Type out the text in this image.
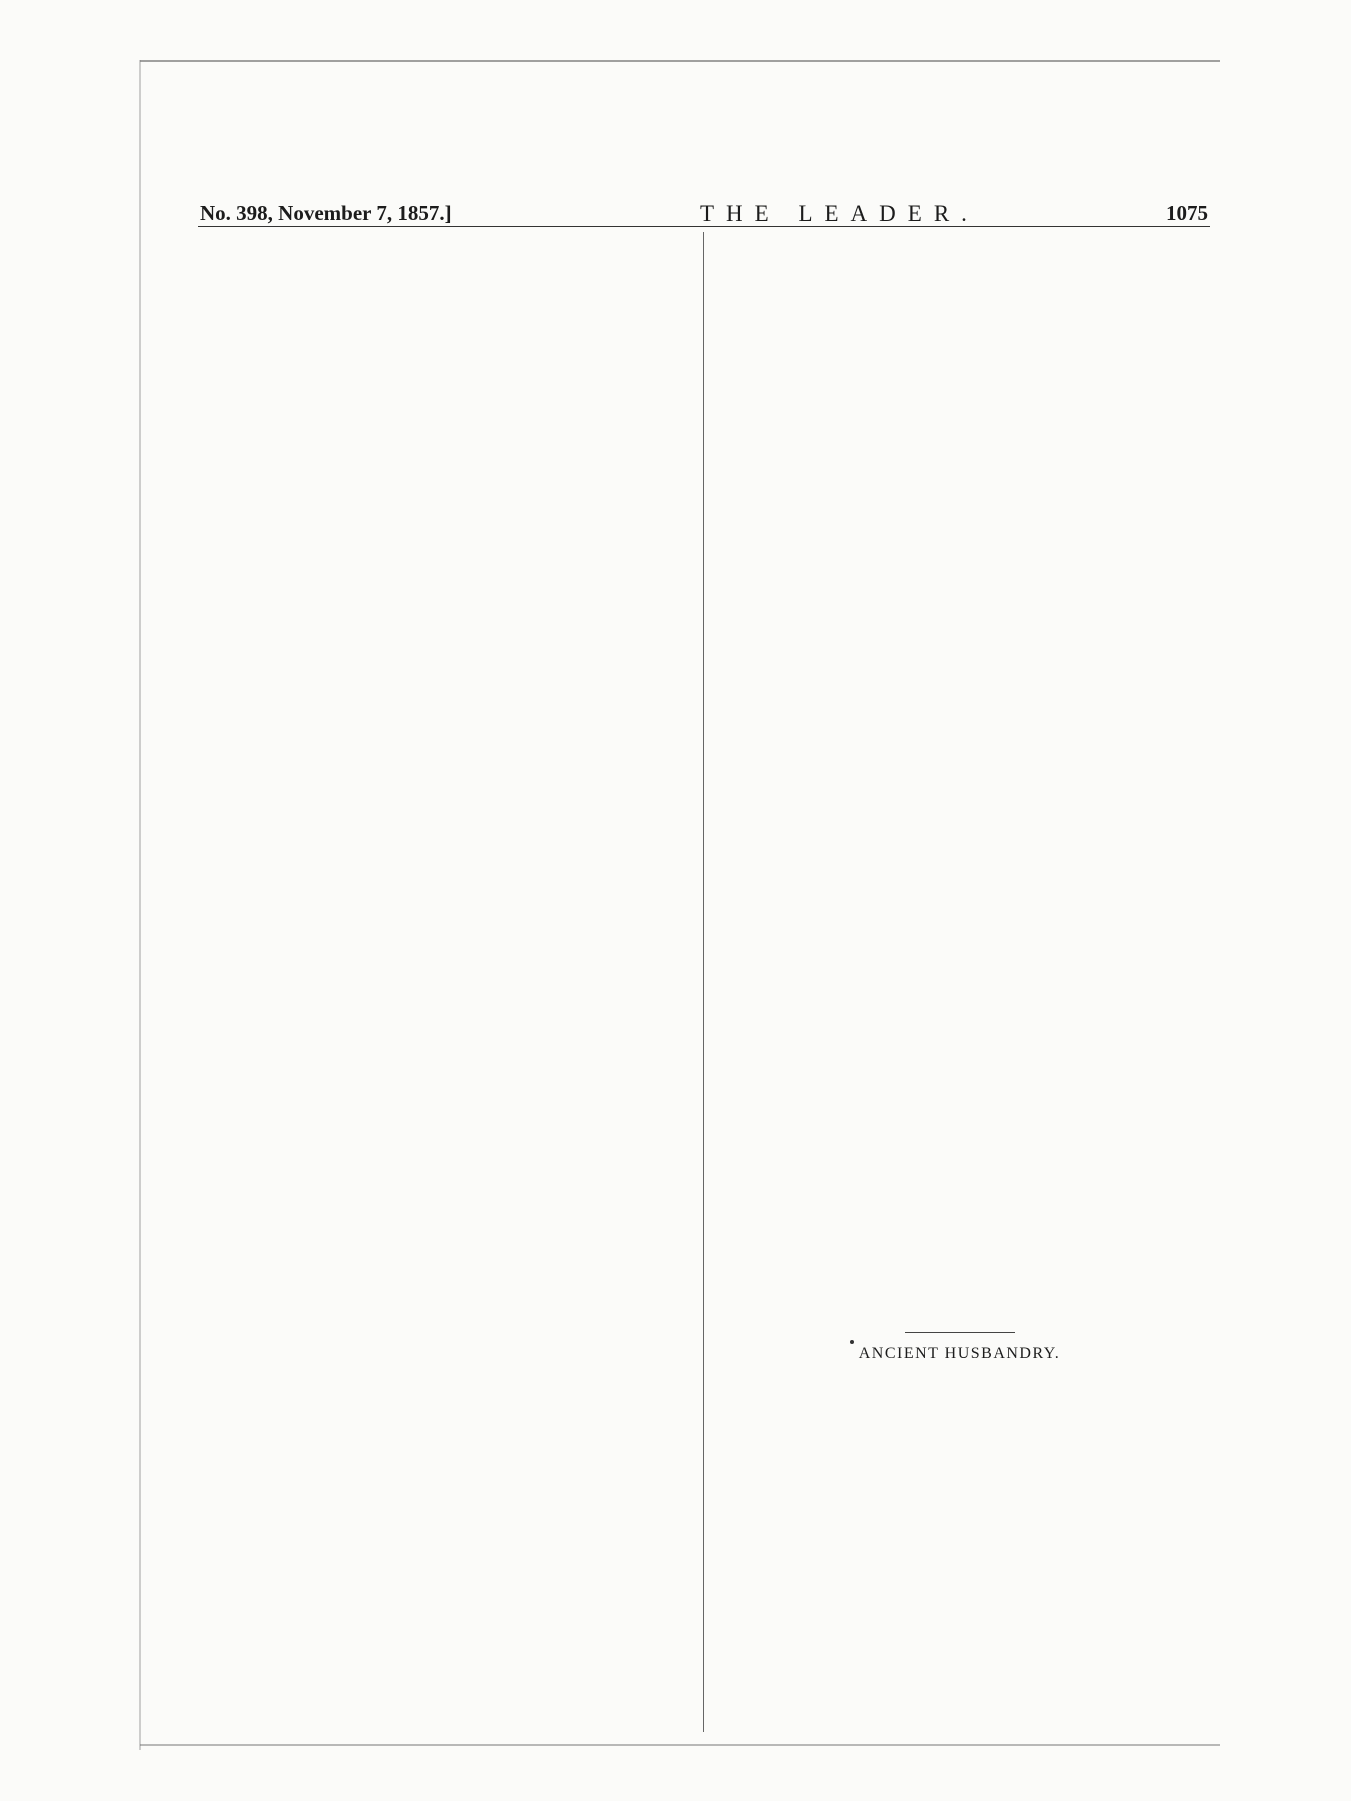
No. 398, November 7, 1857.]	THE LEADER.	1075

ANCIENT HUSBANDRY.
